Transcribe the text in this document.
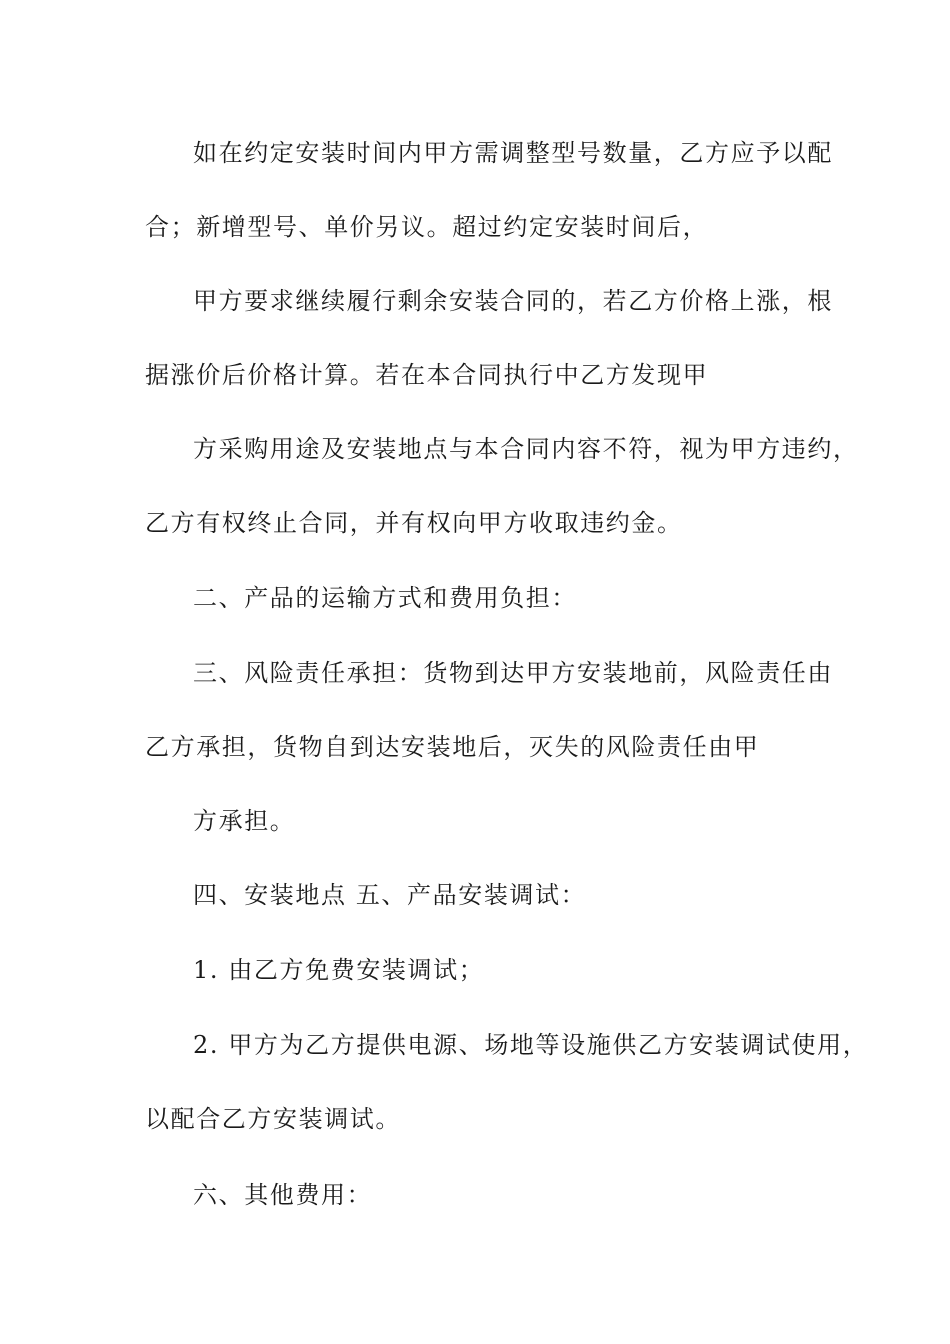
如在约定安装时间内甲方需调整型号数量，乙方应予以配
合；新增型号、单价另议。超过约定安装时间后，
甲方要求继续履行剩余安装合同的，若乙方价格上涨，根
据涨价后价格计算。若在本合同执行中乙方发现甲
方采购用途及安装地点与本合同内容不符，视为甲方违约，
乙方有权终止合同，并有权向甲方收取违约金。
二、产品的运输方式和费用负担：
三、风险责任承担：货物到达甲方安装地前，风险责任由
乙方承担，货物自到达安装地后，灭失的风险责任由甲
方承担。
四、安装地点 五、产品安装调试：
1. 由乙方免费安装调试；
2. 甲方为乙方提供电源、场地等设施供乙方安装调试使用，
以配合乙方安装调试。
六、其他费用：
